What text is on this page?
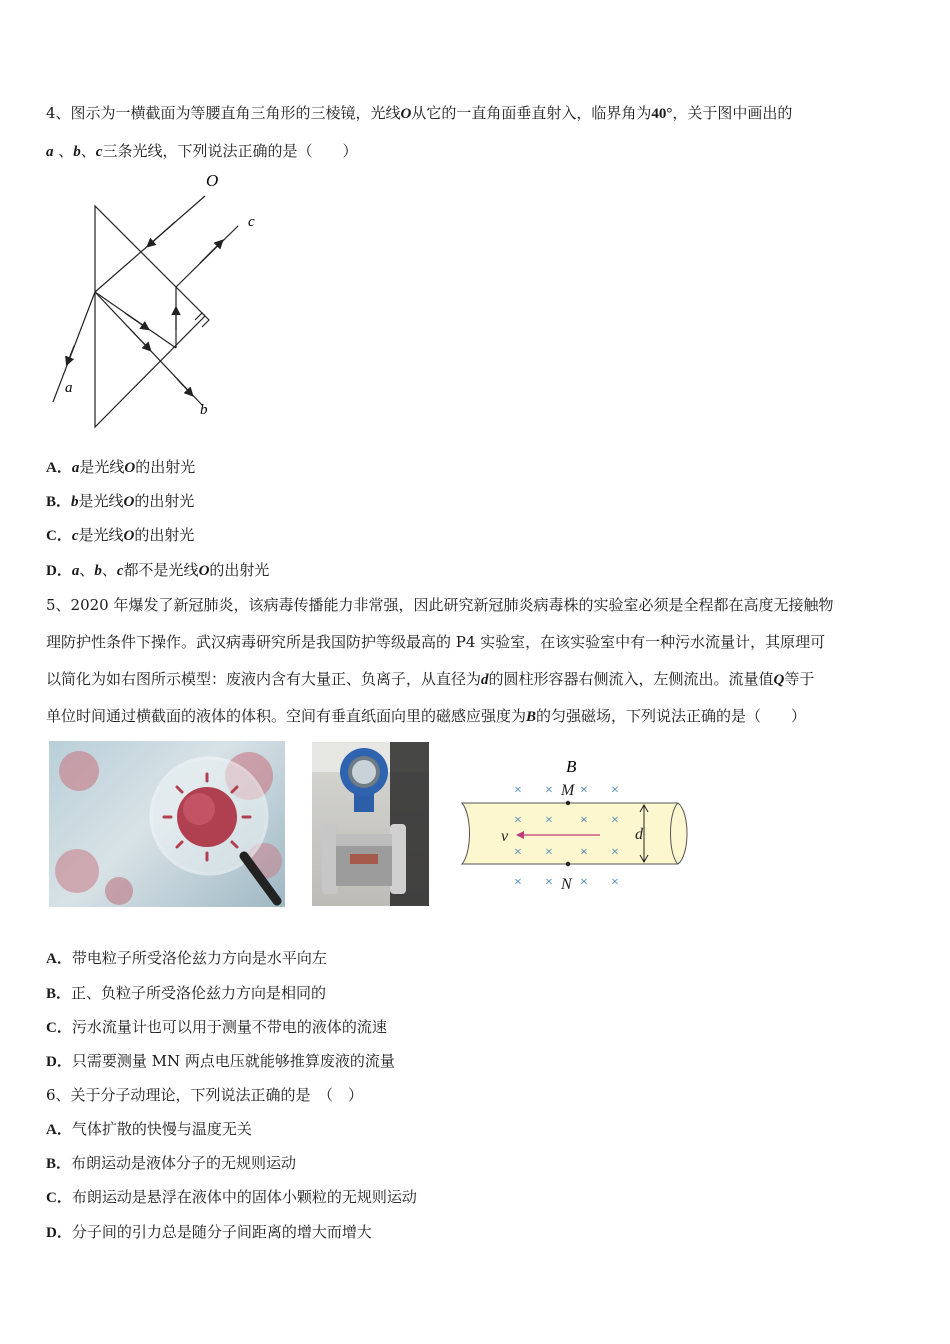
4、图示为一横截面为等腰直角三角形的三棱镜，光线O从它的一直角面垂直射入，临界角为40°，关于图中画出的
a 、b、c三条光线，下列说法正确的是（　　）
O
c
a
b
A．a是光线O的出射光
B．b是光线O的出射光
C．c是光线O的出射光
D．a、b、c都不是光线O的出射光
5、2020 年爆发了新冠肺炎，该病毒传播能力非常强，因此研究新冠肺炎病毒株的实验室必须是全程都在高度无接触物
理防护性条件下操作。武汉病毒研究所是我国防护等级最高的 P4 实验室，在该实验室中有一种污水流量计，其原理可
以简化为如右图所示模型：废液内含有大量正、负离子，从直径为d的圆柱形容器右侧流入，左侧流出。流量值Q等于
单位时间通过横截面的液体的体积。空间有垂直纸面向里的磁感应强度为B的匀强磁场，下列说法正确的是（　　）
B
× × × ×
× × × ×
× × × ×
× × × ×
M
N
v	d
A．带电粒子所受洛伦兹力方向是水平向左
B．正、负粒子所受洛伦兹力方向是相同的
C．污水流量计也可以用于测量不带电的液体的流速
D．只需要测量 MN 两点电压就能够推算废液的流量
6、关于分子动理论，下列说法正确的是　（　）
A．气体扩散的快慢与温度无关
B．布朗运动是液体分子的无规则运动
C．布朗运动是悬浮在液体中的固体小颗粒的无规则运动
D．分子间的引力总是随分子间距离的增大而增大
